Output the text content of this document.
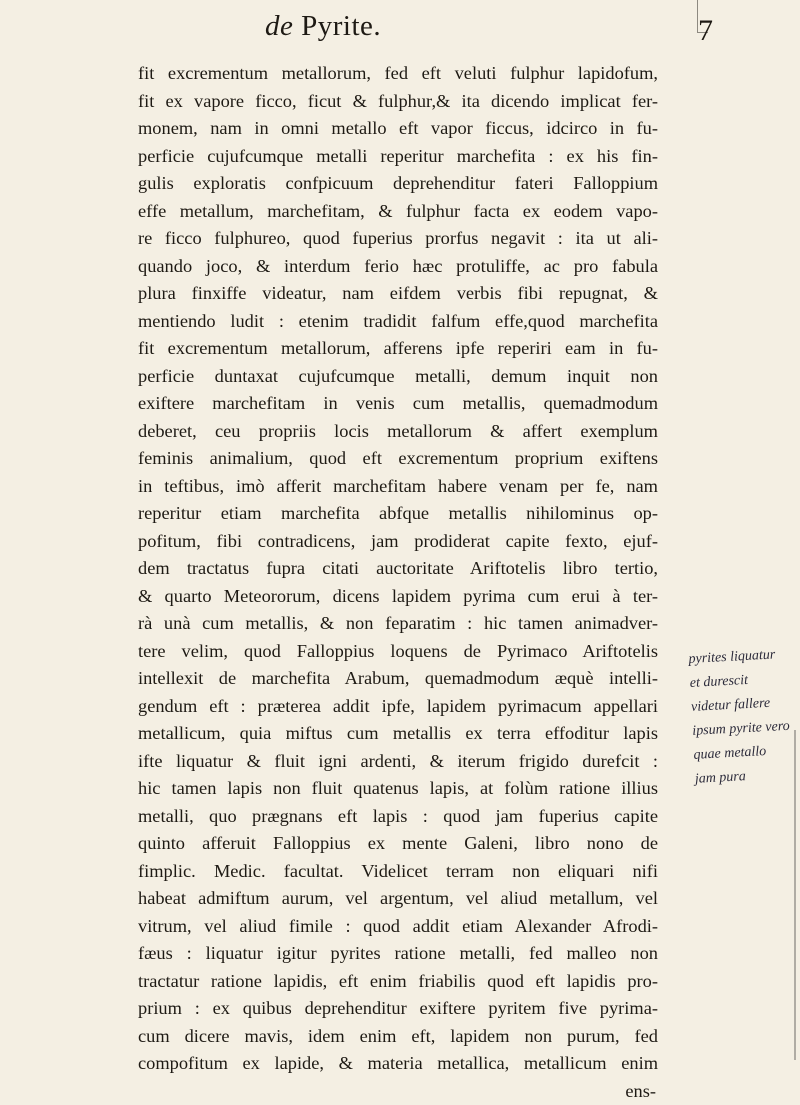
de Pyrite.	7
fit excrementum metallorum, fed eft veluti fulphur lapidofum,
fit ex vapore ficco, ficut & fulphur,& ita dicendo implicat fer-
monem, nam in omni metallo eft vapor ficcus, idcirco in fu-
perficie cujufcumque metalli reperitur marchefita : ex his fin-
gulis exploratis confpicuum deprehenditur fateri Falloppium
effe metallum, marchefitam, & fulphur facta ex eodem vapo-
re ficco fulphureo, quod fuperius prorfus negavit : ita ut ali-
quando joco, & interdum ferio hæc protuliffe, ac pro fabula
plura finxiffe videatur, nam eifdem verbis fibi repugnat, &
mentiendo ludit : etenim tradidit falfum effe,quod marchefita
fit excrementum metallorum, afferens ipfe reperiri eam in fu-
perficie duntaxat cujufcumque metalli, demum inquit non
exiftere marchefitam in venis cum metallis, quemadmodum
deberet, ceu propriis locis metallorum & affert exemplum
feminis animalium, quod eft excrementum proprium exiftens
in teftibus, imò afferit marchefitam habere venam per fe, nam
reperitur etiam marchefita abfque metallis nihilominus op-
pofitum, fibi contradicens, jam prodiderat capite fexto, ejuf-
dem tractatus fupra citati auctoritate Ariftotelis libro tertio,
& quarto Meteororum, dicens lapidem pyrima cum erui à ter-
rà unà cum metallis, & non feparatim : hic tamen animadver-
tere velim, quod Falloppius loquens de Pyrimaco Ariftotelis
intellexit de marchefita Arabum, quemadmodum æquè intelli-
gendum eft : præterea addit ipfe, lapidem pyrimacum appellari
metallicum, quia miftus cum metallis ex terra effoditur lapis
ifte liquatur & fluit igni ardenti, & iterum frigido durefcit :
hic tamen lapis non fluit quatenus lapis, at folùm ratione illius
metalli, quo prægnans eft lapis : quod jam fuperius capite
quinto afferuit Falloppius ex mente Galeni, libro nono de
fimplic. Medic. facultat. Videlicet terram non eliquari nifi
habeat admiftum aurum, vel argentum, vel aliud metallum, vel
vitrum, vel aliud fimile : quod addit etiam Alexander Afrodi-
fæus : liquatur igitur pyrites ratione metalli, fed malleo non
tractatur ratione lapidis, eft enim friabilis quod eft lapidis pro-
prium : ex quibus deprehenditur exiftere pyritem five pyrima-
cum dicere mavis, idem enim eft, lapidem non purum, fed
compofitum ex lapide, & materia metallica, metallicum enim
ens-
pyrites liquatur
et durescit
videtur fallere
ipsum pyrite vero
quae metallo
jam pura
